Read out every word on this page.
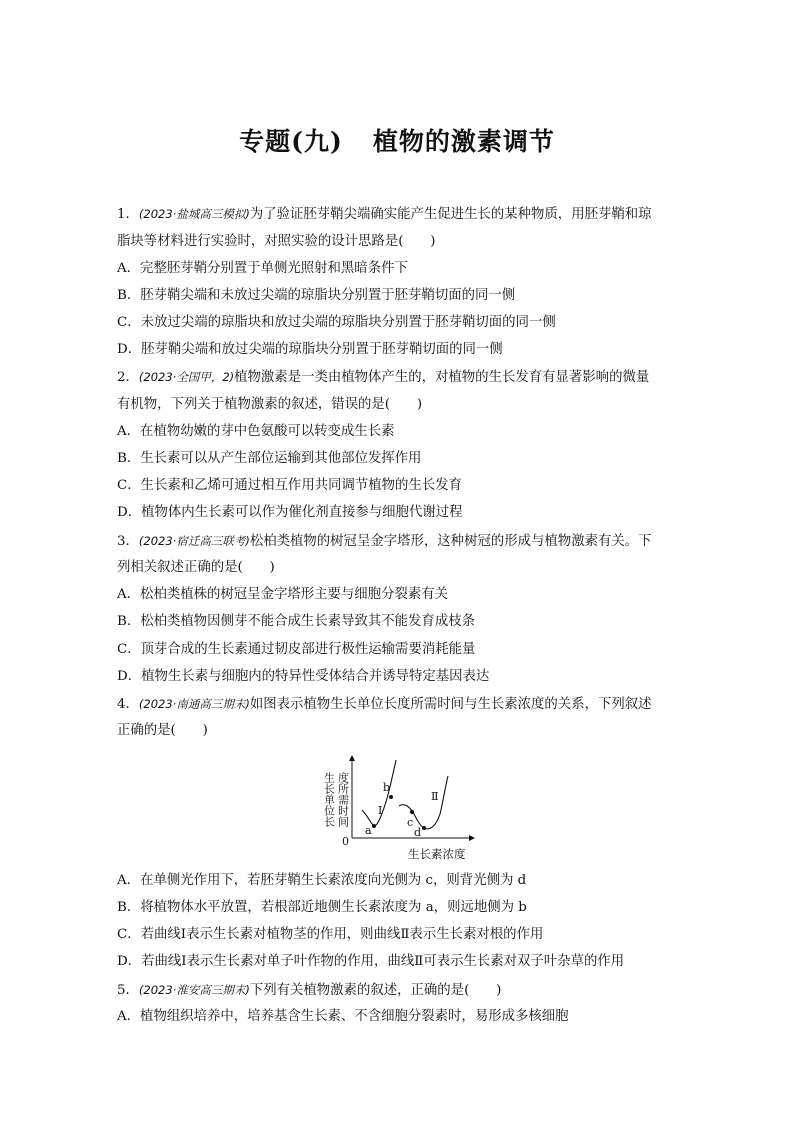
专题(九) 植物的激素调节
1．(2023·盐城高三模拟)为了验证胚芽鞘尖端确实能产生促进生长的某种物质，用胚芽鞘和琼
脂块等材料进行实验时，对照实验的设计思路是(　　)
A．完整胚芽鞘分别置于单侧光照射和黑暗条件下
B．胚芽鞘尖端和未放过尖端的琼脂块分别置于胚芽鞘切面的同一侧
C．未放过尖端的琼脂块和放过尖端的琼脂块分别置于胚芽鞘切面的同一侧
D．胚芽鞘尖端和放过尖端的琼脂块分别置于胚芽鞘切面的同一侧
2．(2023·全国甲，2)植物激素是一类由植物体产生的，对植物的生长发育有显著影响的微量
有机物，下列关于植物激素的叙述，错误的是(　　)
A．在植物幼嫩的芽中色氨酸可以转变成生长素
B．生长素可以从产生部位运输到其他部位发挥作用
C．生长素和乙烯可通过相互作用共同调节植物的生长发育
D．植物体内生长素可以作为催化剂直接参与细胞代谢过程
3．(2023·宿迁高三联考)松柏类植物的树冠呈金字塔形，这种树冠的形成与植物激素有关。下
列相关叙述正确的是(　　)
A．松柏类植株的树冠呈金字塔形主要与细胞分裂素有关
B．松柏类植物因侧芽不能合成生长素导致其不能发育成枝条
C．顶芽合成的生长素通过韧皮部进行极性运输需要消耗能量
D．植物生长素与细胞内的特异性受体结合并诱导特定基因表达
4．(2023·南通高三期末)如图表示植物生长单位长度所需时间与生长素浓度的关系，下列叙述
正确的是(　　)
生长单位长 度所需时间
0
生长素浓度
a
b
Ⅰ
c
d
Ⅱ
A．在单侧光作用下，若胚芽鞘生长素浓度向光侧为 c，则背光侧为 d
B．将植物体水平放置，若根部近地侧生长素浓度为 a，则远地侧为 b
C．若曲线Ⅰ表示生长素对植物茎的作用，则曲线Ⅱ表示生长素对根的作用
D．若曲线Ⅰ表示生长素对单子叶作物的作用，曲线Ⅱ可表示生长素对双子叶杂草的作用
5．(2023·淮安高三期末)下列有关植物激素的叙述，正确的是(　　)
A．植物组织培养中，培养基含生长素、不含细胞分裂素时，易形成多核细胞
